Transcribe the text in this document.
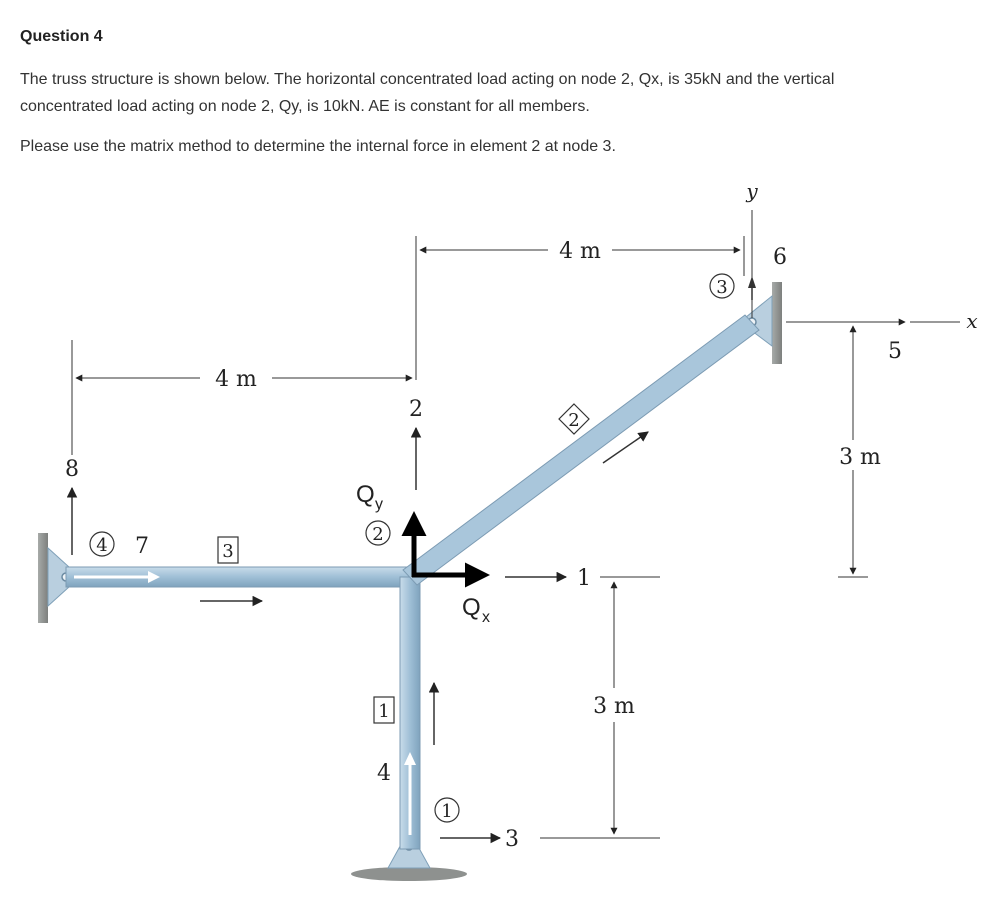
Question 4
The truss structure is shown below. The horizontal concentrated load acting on node 2, Qx, is 35kN and the vertical
concentrated load acting on node 2, Qy, is 10kN. AE is constant for all members.
Please use the matrix method to determine the internal force in element 2 at node 3.
4 m
4 m
3 m
3 m
y
x
8
7
1
2
3
4
5
6
4
2
1
3
3
1
2
Q y
Q x
